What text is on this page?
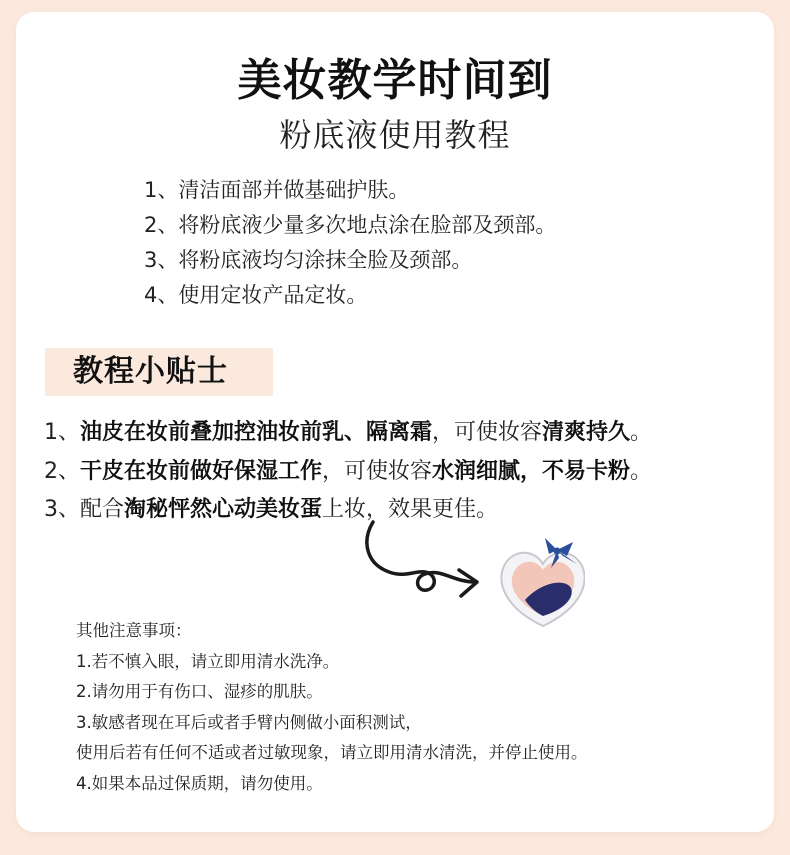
美妆教学时间到
粉底液使用教程
1、清洁面部并做基础护肤。
2、将粉底液少量多次地点涂在脸部及颈部。
3、将粉底液均匀涂抹全脸及颈部。
4、使用定妆产品定妆。
教程小贴士
1、油皮在妆前叠加控油妆前乳、隔离霜，可使妆容清爽持久。
2、干皮在妆前做好保湿工作，可使妆容水润细腻，不易卡粉。
3、配合淘秘怦然心动美妆蛋上妆，效果更佳。
其他注意事项：
1.若不慎入眼，请立即用清水洗净。
2.请勿用于有伤口、湿疹的肌肤。
3.敏感者现在耳后或者手臂内侧做小面积测试，
使用后若有任何不适或者过敏现象，请立即用清水清洗，并停止使用。
4.如果本品过保质期，请勿使用。
